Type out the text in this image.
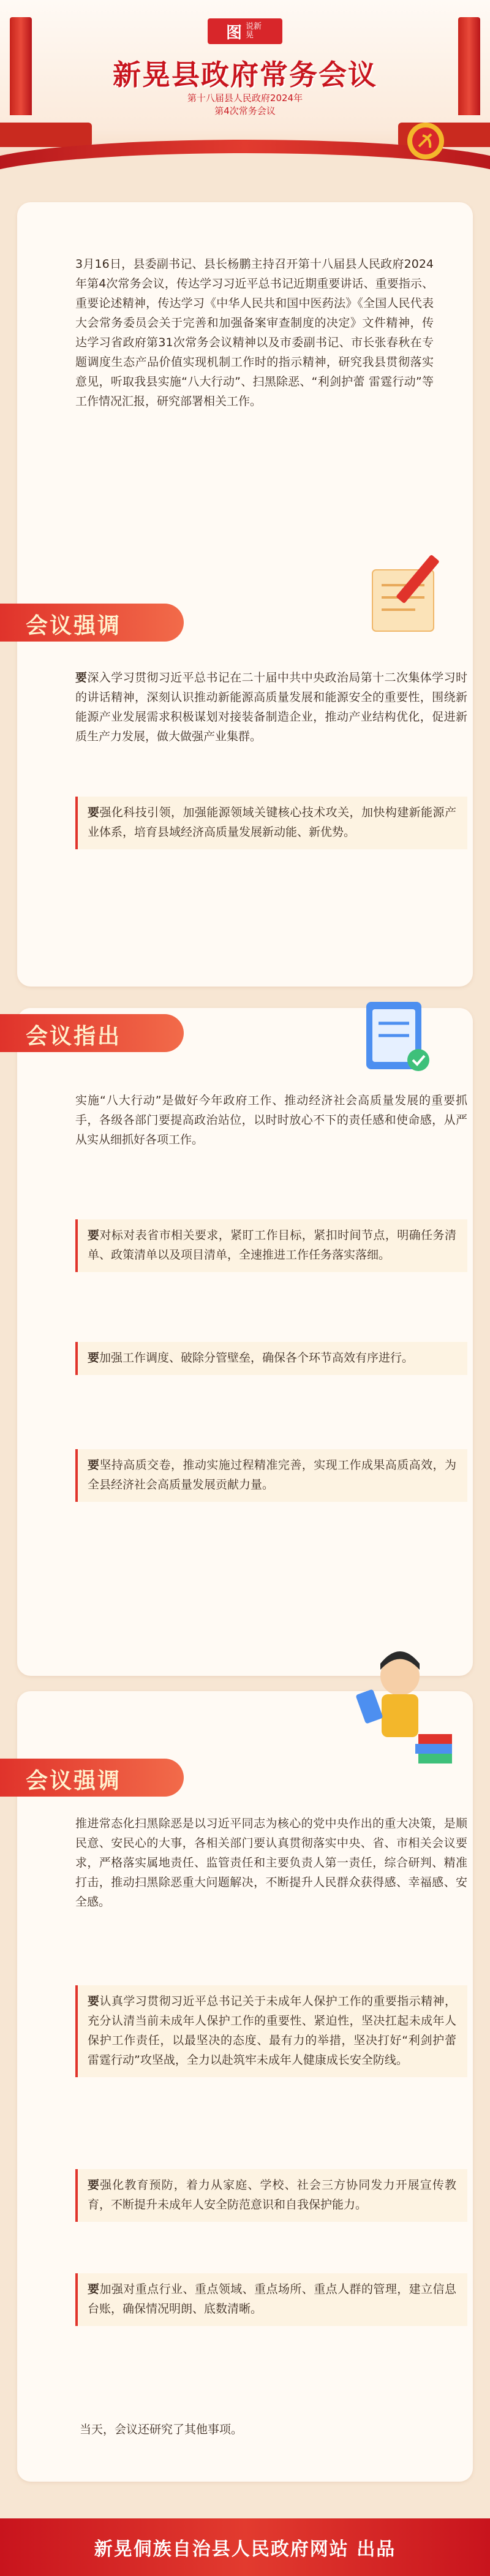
图 说新晃
新晃县政府常务会议
第十八届县人民政府2024年
第4次常务会议
3月16日，县委副书记、县长杨鹏主持召开第十八届县人民政府2024年第4次常务会议，传达学习习近平总书记近期重要讲话、重要指示、重要论述精神，传达学习《中华人民共和国中医药法》《全国人民代表大会常务委员会关于完善和加强备案审查制度的决定》文件精神，传达学习省政府第31次常务会议精神以及市委副书记、市长张春秋在专题调度生态产品价值实现机制工作时的指示精神，研究我县贯彻落实意见，听取我县实施“八大行动”、扫黑除恶、“利剑护蕾 雷霆行动”等工作情况汇报，研究部署相关工作。
会议强调
要深入学习贯彻习近平总书记在二十届中共中央政治局第十二次集体学习时的讲话精神，深刻认识推动新能源高质量发展和能源安全的重要性，围绕新能源产业发展需求积极谋划对接装备制造企业，推动产业结构优化，促进新质生产力发展，做大做强产业集群。
要强化科技引领，加强能源领域关键核心技术攻关，加快构建新能源产业体系，培育县域经济高质量发展新动能、新优势。
会议指出
实施“八大行动”是做好今年政府工作、推动经济社会高质量发展的重要抓手，各级各部门要提高政治站位，以时时放心不下的责任感和使命感，从严从实从细抓好各项工作。
要对标对表省市相关要求，紧盯工作目标，紧扣时间节点，明确任务清单、政策清单以及项目清单，全速推进工作任务落实落细。
要加强工作调度、破除分管壁垒，确保各个环节高效有序进行。
要坚持高质交卷，推动实施过程精准完善，实现工作成果高质高效，为全县经济社会高质量发展贡献力量。
会议强调
推进常态化扫黑除恶是以习近平同志为核心的党中央作出的重大决策，是顺民意、安民心的大事，各相关部门要认真贯彻落实中央、省、市相关会议要求，严格落实属地责任、监管责任和主要负责人第一责任，综合研判、精准打击，推动扫黑除恶重大问题解决，不断提升人民群众获得感、幸福感、安全感。
要认真学习贯彻习近平总书记关于未成年人保护工作的重要指示精神，充分认清当前未成年人保护工作的重要性、紧迫性，坚决扛起未成年人保护工作责任，以最坚决的态度、最有力的举措，坚决打好“利剑护蕾 雷霆行动”攻坚战，全力以赴筑牢未成年人健康成长安全防线。
要强化教育预防，着力从家庭、学校、社会三方协同发力开展宣传教育，不断提升未成年人安全防范意识和自我保护能力。
要加强对重点行业、重点领域、重点场所、重点人群的管理，建立信息台账，确保情况明朗、底数清晰。
当天，会议还研究了其他事项。
新晃侗族自治县人民政府网站 出品
